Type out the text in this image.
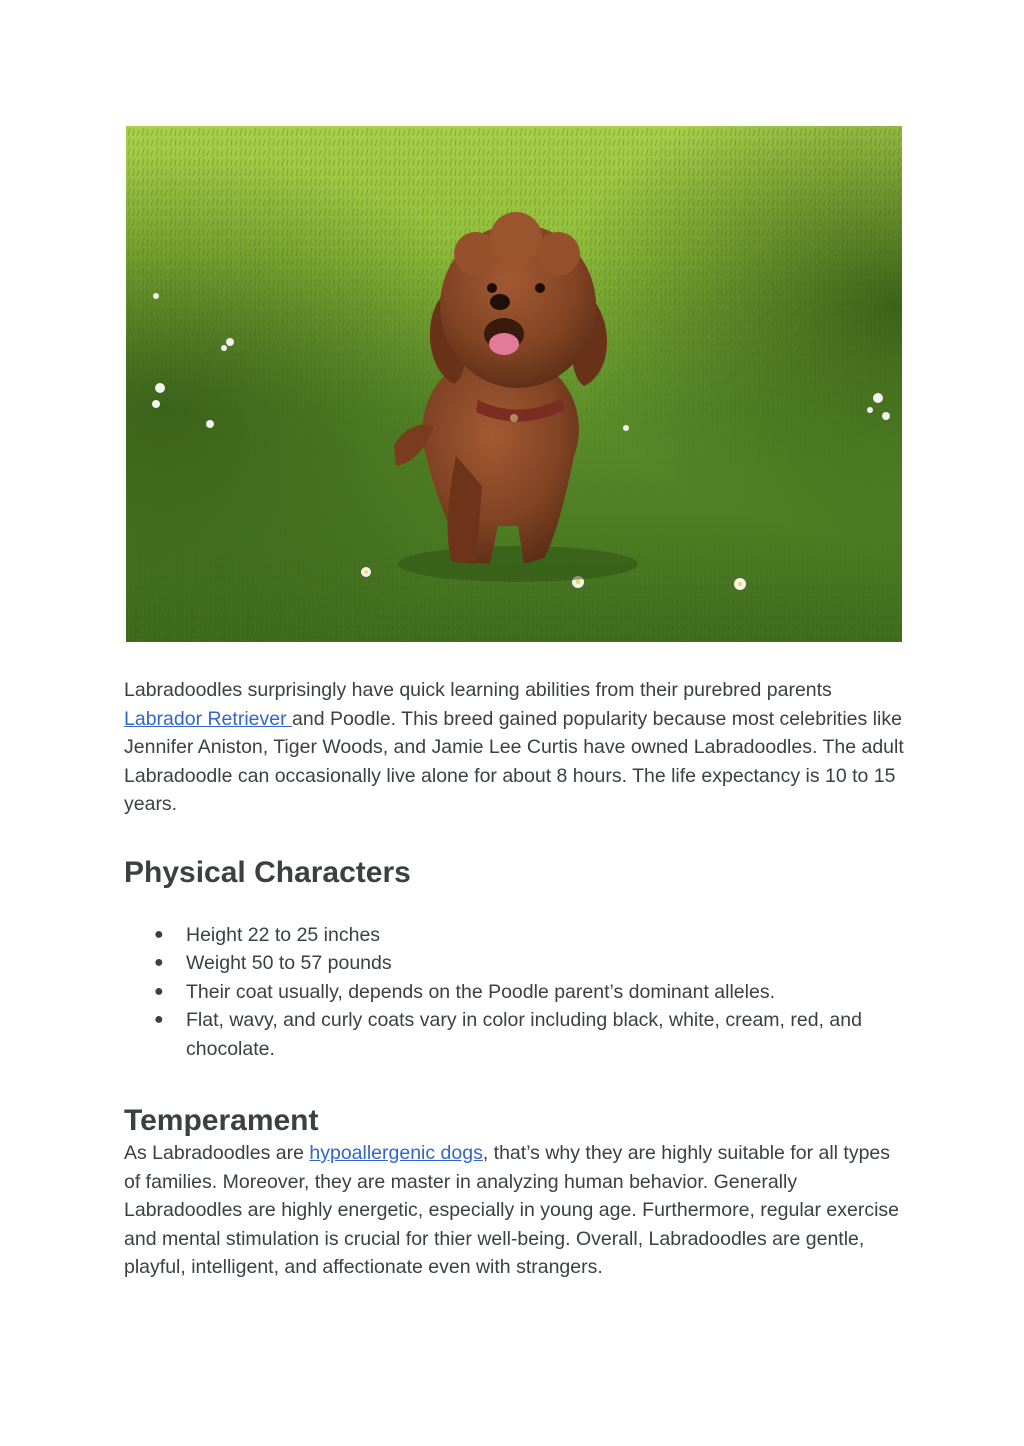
Labradoodles surprisingly have quick learning abilities from their purebred parents Labrador Retriever and Poodle. This breed gained popularity because most celebrities like Jennifer Aniston, Tiger Woods, and Jamie Lee Curtis have owned Labradoodles. The adult Labradoodle can occasionally live alone for about 8 hours. The life expectancy is 10 to 15 years.

Physical Characters
● Height 22 to 25 inches
● Weight 50 to 57 pounds
● Their coat usually, depends on the Poodle parent’s dominant alleles.
● Flat, wavy, and curly coats vary in color including black, white, cream, red, and chocolate.
Temperament

As Labradoodles are hypoallergenic dogs, that’s why they are highly suitable for all types of families. Moreover, they are master in analyzing human behavior. Generally Labradoodles are highly energetic, especially in young age. Furthermore, regular exercise and mental stimulation is crucial for thier well-being. Overall, Labradoodles are gentle, playful, intelligent, and affectionate even with strangers.
